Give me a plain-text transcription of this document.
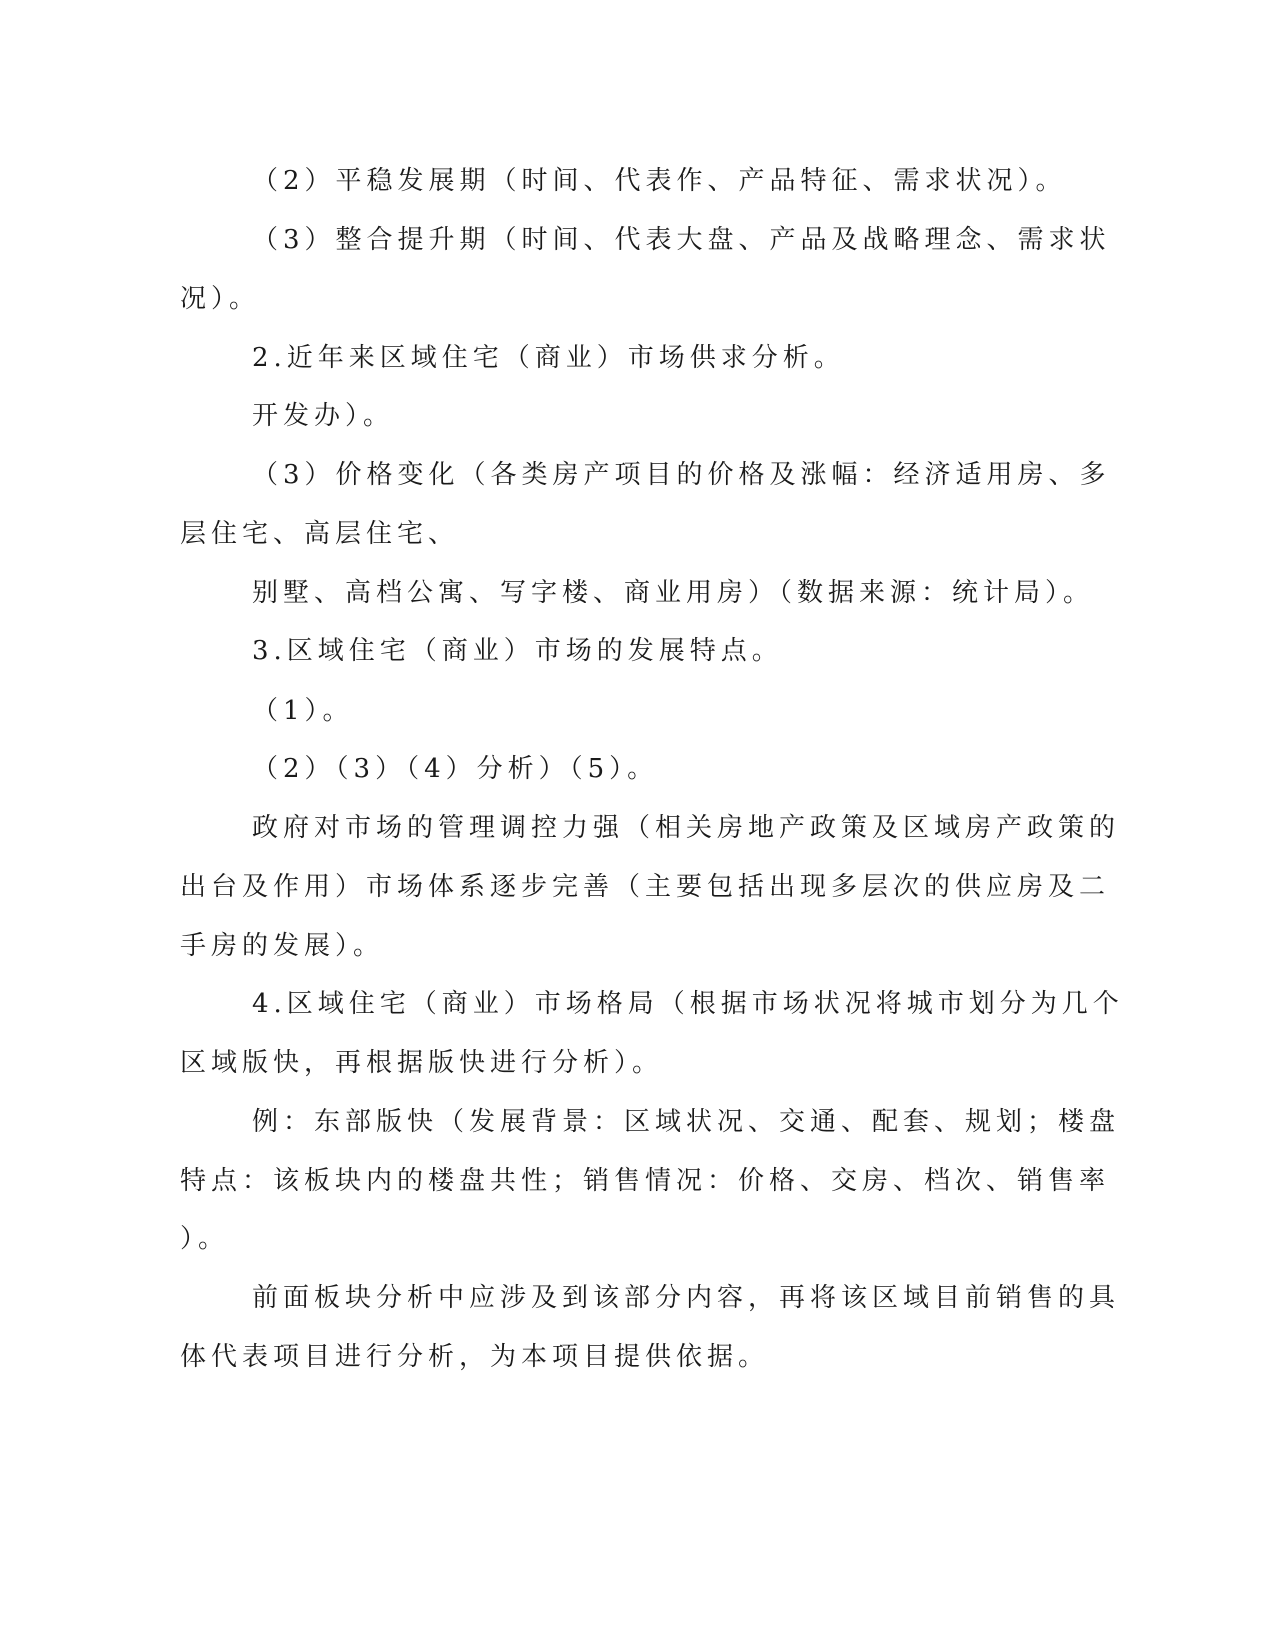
（2）平稳发展期（时间、代表作、产品特征、需求状况）。
（3）整合提升期（时间、代表大盘、产品及战略理念、需求状
况）。
2.近年来区域住宅（商业）市场供求分析。
开发办）。
（3）价格变化（各类房产项目的价格及涨幅：经济适用房、多
层住宅、高层住宅、
别墅、高档公寓、写字楼、商业用房）（数据来源：统计局）。
3.区域住宅（商业）市场的发展特点。
（1）。
（2）（3）（4）分析）（5）。
政府对市场的管理调控力强（相关房地产政策及区域房产政策的
出台及作用）市场体系逐步完善（主要包括出现多层次的供应房及二
手房的发展）。
4.区域住宅（商业）市场格局（根据市场状况将城市划分为几个
区域版快，再根据版快进行分析）。
例：东部版快（发展背景：区域状况、交通、配套、规划；楼盘
特点：该板块内的楼盘共性；销售情况：价格、交房、档次、销售率
）。
前面板块分析中应涉及到该部分内容，再将该区域目前销售的具
体代表项目进行分析，为本项目提供依据。
